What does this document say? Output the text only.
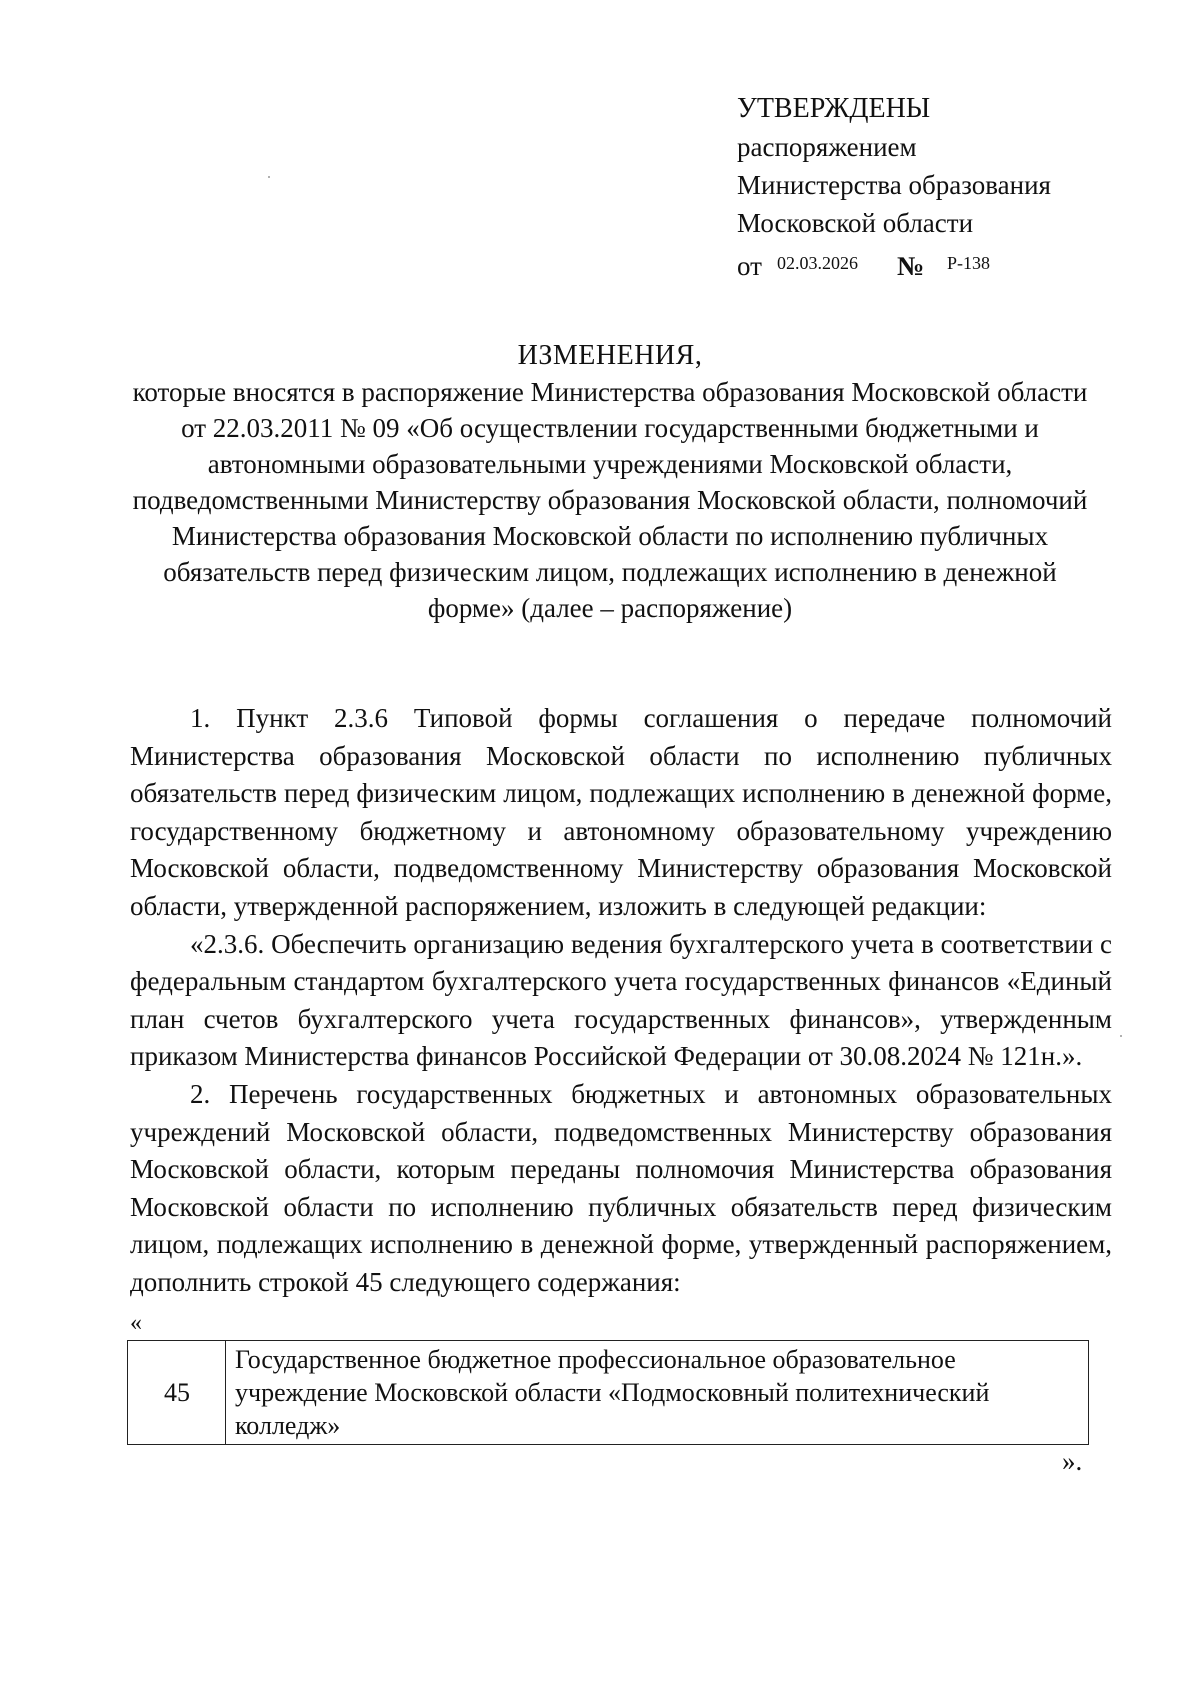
УТВЕРЖДЕНЫ
распоряжением
Министерства образования
Московской области
от 02.03.2026 № $^{Р-138}$
ИЗМЕНЕНИЯ,
которые вносятся в распоряжение Министерства образования Московской области
от 22.03.2011 № 09 «Об осуществлении государственными бюджетными и
автономными образовательными учреждениями Московской области,
подведомственными Министерству образования Московской области, полномочий
Министерства образования Московской области по исполнению публичных
обязательств перед физическим лицом, подлежащих исполнению в денежной
форме» (далее – распоряжение)

1. Пункт 2.3.6 Типовой формы соглашения о передаче полномочий Министерства образования Московской области по исполнению публичных обязательств перед физическим лицом, подлежащих исполнению в денежной форме, государственному бюджетному и автономному образовательному учреждению Московской области, подведомственному Министерству образования Московской области, утвержденной распоряжением, изложить в следующей редакции:

«2.3.6. Обеспечить организацию ведения бухгалтерского учета в соответствии с федеральным стандартом бухгалтерского учета государственных финансов «Единый план счетов бухгалтерского учета государственных финансов», утвержденным приказом Министерства финансов Российской Федерации от 30.08.2024 № 121н.».

2. Перечень государственных бюджетных и автономных образовательных учреждений Московской области, подведомственных Министерству образования Московской области, которым переданы полномочия Министерства образования Московской области по исполнению публичных обязательств перед физическим лицом, подлежащих исполнению в денежной форме, утвержденный распоряжением, дополнить строкой 45 следующего содержания:

«
45	Государственное бюджетное профессиональное образовательное учреждение Московской области «Подмосковный политехнический колледж»
».
